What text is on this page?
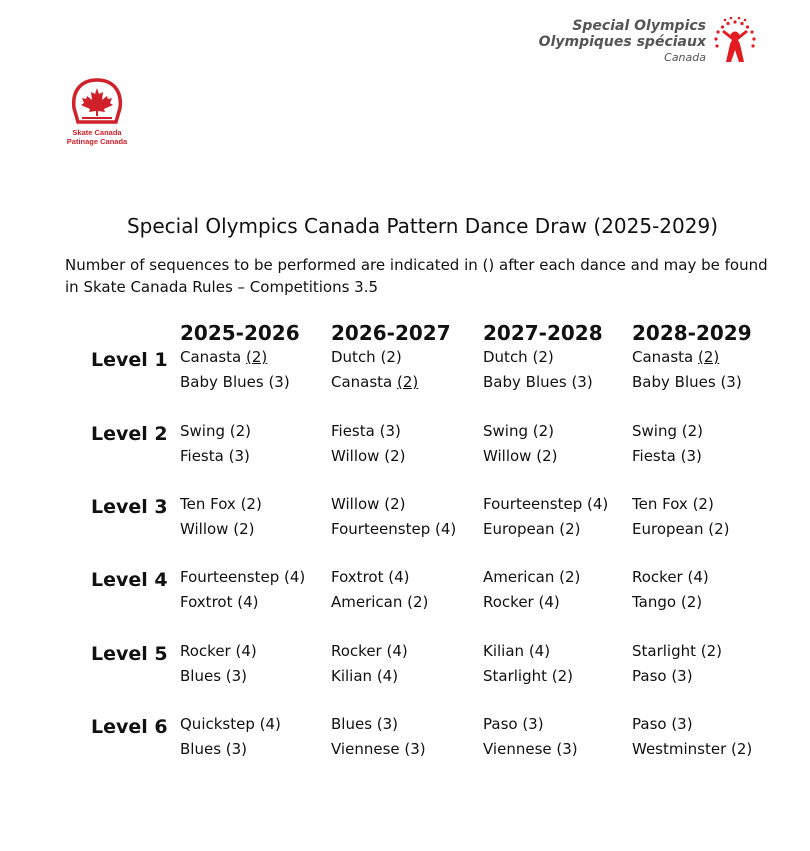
Special Olympics
Olympiques spéciaux
Canada
Skate Canada
Patinage Canada
Special Olympics Canada Pattern Dance Draw (2025-2029)
Number of sequences to be performed are indicated in () after each dance and may be found in Skate Canada Rules – Competitions 3.5
2025-2026 2026-2027 2027-2028 2028-2029
Level 1 Canasta (2)
Baby Blues (3)
Dutch (2)
Canasta (2)
Dutch (2)
Baby Blues (3)
Canasta (2)
Baby Blues (3)
Level 2 Swing (2)
Fiesta (3)
Fiesta (3)
Willow (2)
Swing (2)
Willow (2)
Swing (2)
Fiesta (3)
Level 3 Ten Fox (2)
Willow (2)
Willow (2)
Fourteenstep (4)
Fourteenstep (4)
European (2)
Ten Fox (2)
European (2)
Level 4 Fourteenstep (4)
Foxtrot (4)
Foxtrot (4)
American (2)
American (2)
Rocker (4)
Rocker (4)
Tango (2)
Level 5 Rocker (4)
Blues (3)
Rocker (4)
Kilian (4)
Kilian (4)
Starlight (2)
Starlight (2)
Paso (3)
Level 6 Quickstep (4)
Blues (3)
Blues (3)
Viennese (3)
Paso (3)
Viennese (3)
Paso (3)
Westminster (2)
